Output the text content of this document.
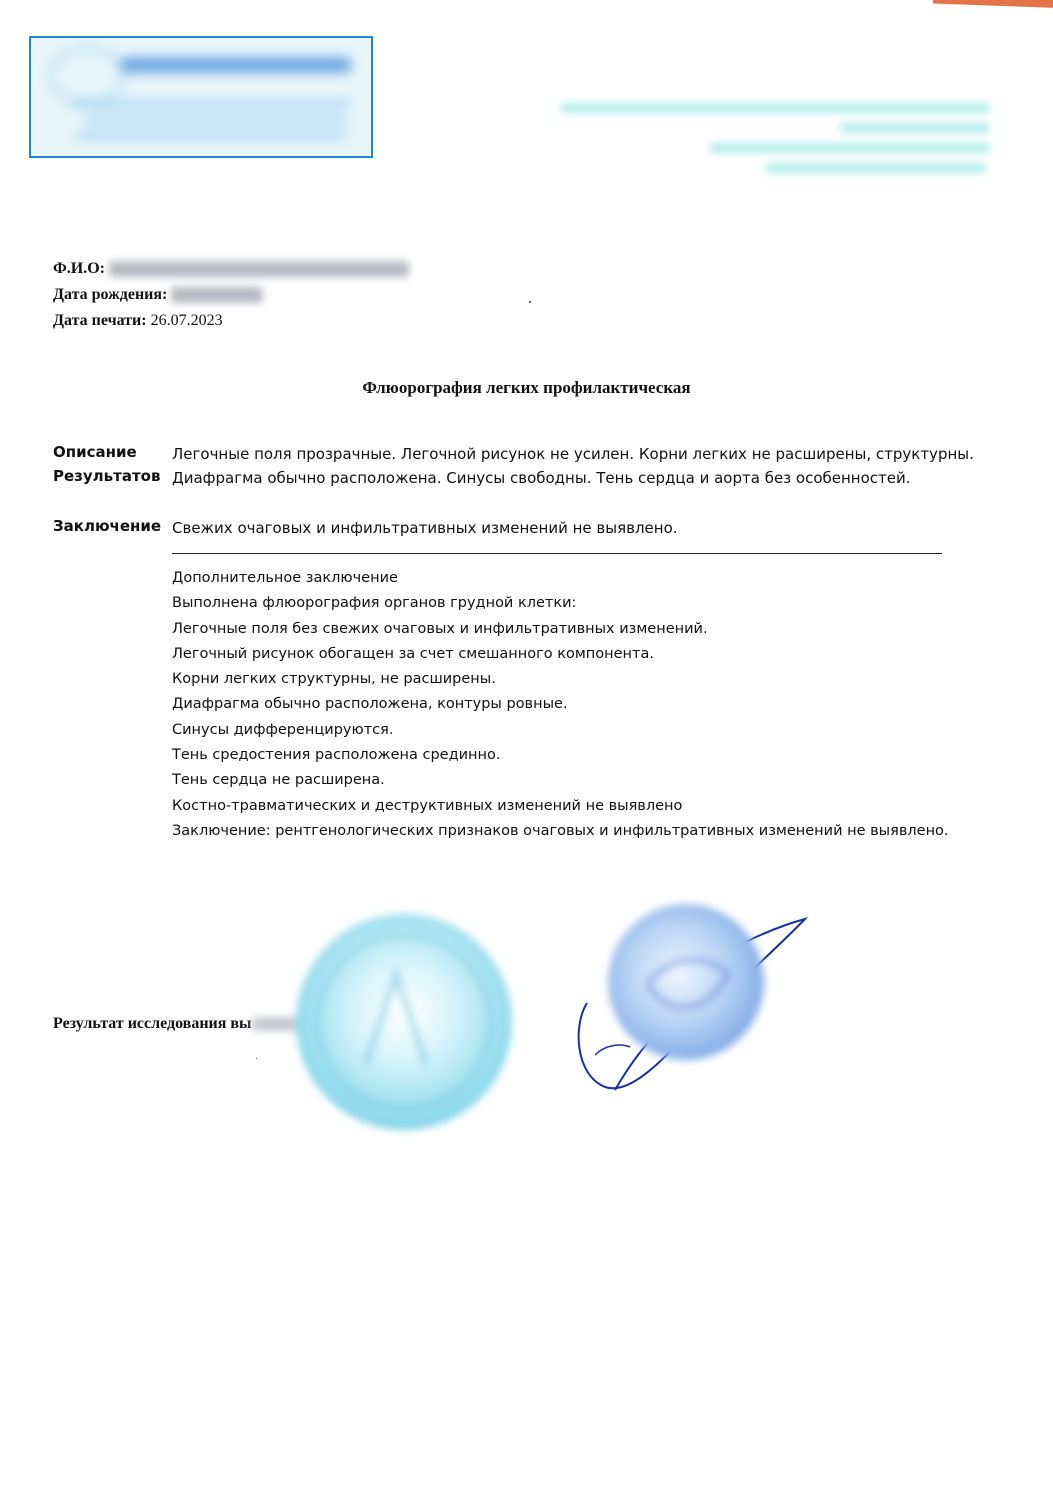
Ф.И.О:
Дата рождения:
Дата печати: 26.07.2023
Флюорография легких профилактическая
Описание
Результатов
Легочные поля прозрачные. Легочной рисунок не усилен. Корни легких не расширены, структурны.
Диафрагма обычно расположена. Синусы свободны. Тень сердца и аорта без особенностей.
Заключение Свежих очаговых и инфильтративных изменений не выявлено.
Дополнительное заключение
Выполнена флюорография органов грудной клетки:
Легочные поля без свежих очаговых и инфильтративных изменений.
Легочный рисунок обогащен за счет смешанного компонента.
Корни легких структурны, не расширены.
Диафрагма обычно расположена, контуры ровные.
Синусы дифференцируются.
Тень средостения расположена срединно.
Тень сердца не расширена.
Костно-травматических и деструктивных изменений не выявлено
Заключение: рентгенологических признаков очаговых и инфильтративных изменений не выявлено.
Результат исследования вы
